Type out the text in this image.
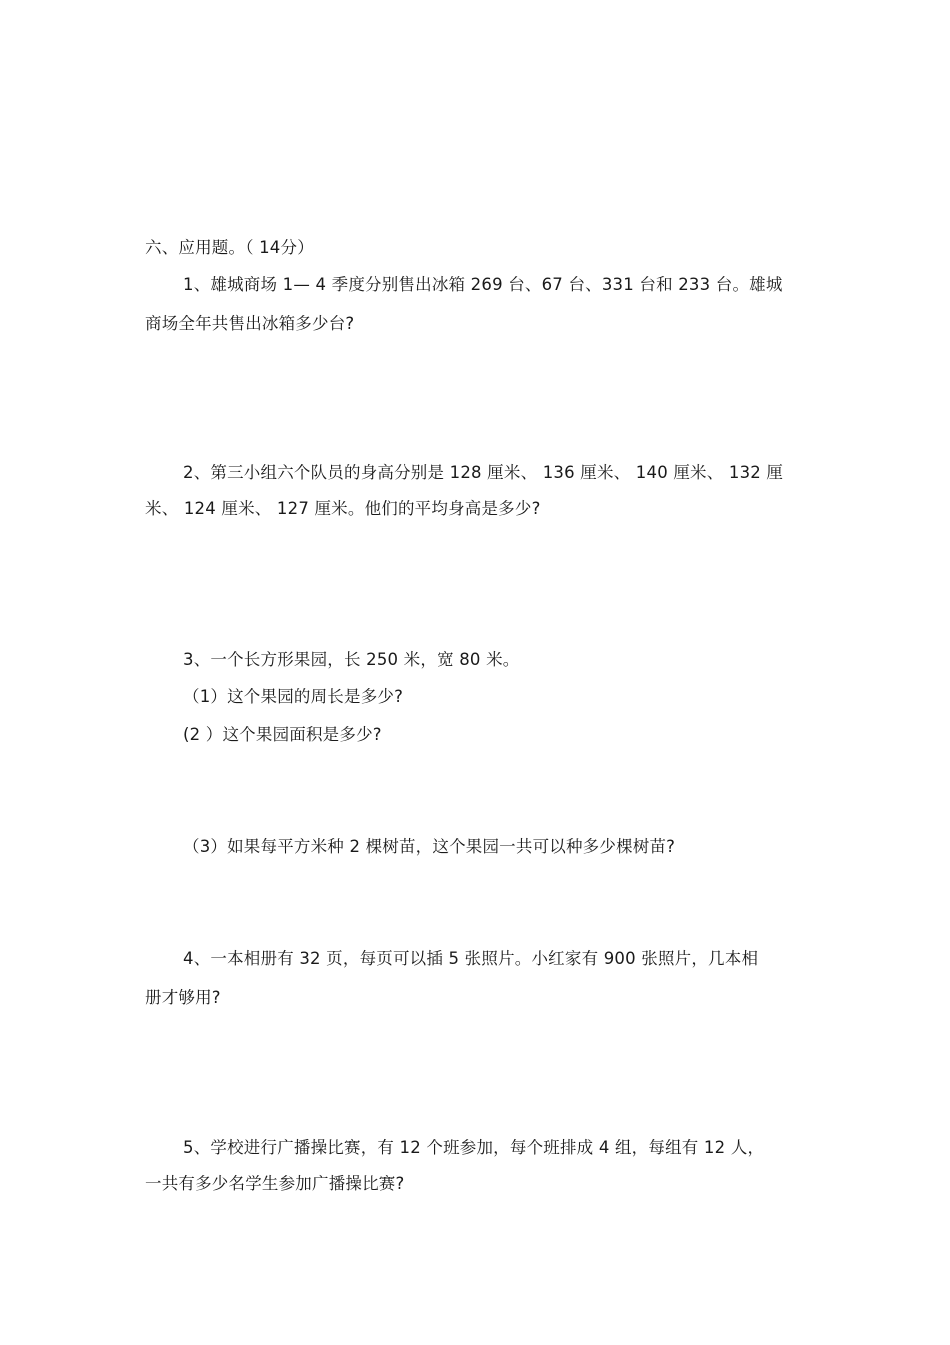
六、应用题。（ 14分）
1、雄城商场 1— 4 季度分别售出冰箱 269 台、67 台、331 台和 233 台。雄城
商场全年共售出冰箱多少台?
2、第三小组六个队员的身高分别是 128 厘米、 136 厘米、 140 厘米、 132 厘
米、 124 厘米、 127 厘米。他们的平均身高是多少?
3、一个长方形果园，长 250 米，宽 80 米。
（1）这个果园的周长是多少?
(2 ）这个果园面积是多少?
（3）如果每平方米种 2 棵树苗，这个果园一共可以种多少棵树苗?
4、一本相册有 32 页，每页可以插 5 张照片。小红家有 900 张照片，几本相
册才够用?
5、学校进行广播操比赛，有 12 个班参加，每个班排成 4 组，每组有 12 人，
一共有多少名学生参加广播操比赛?
